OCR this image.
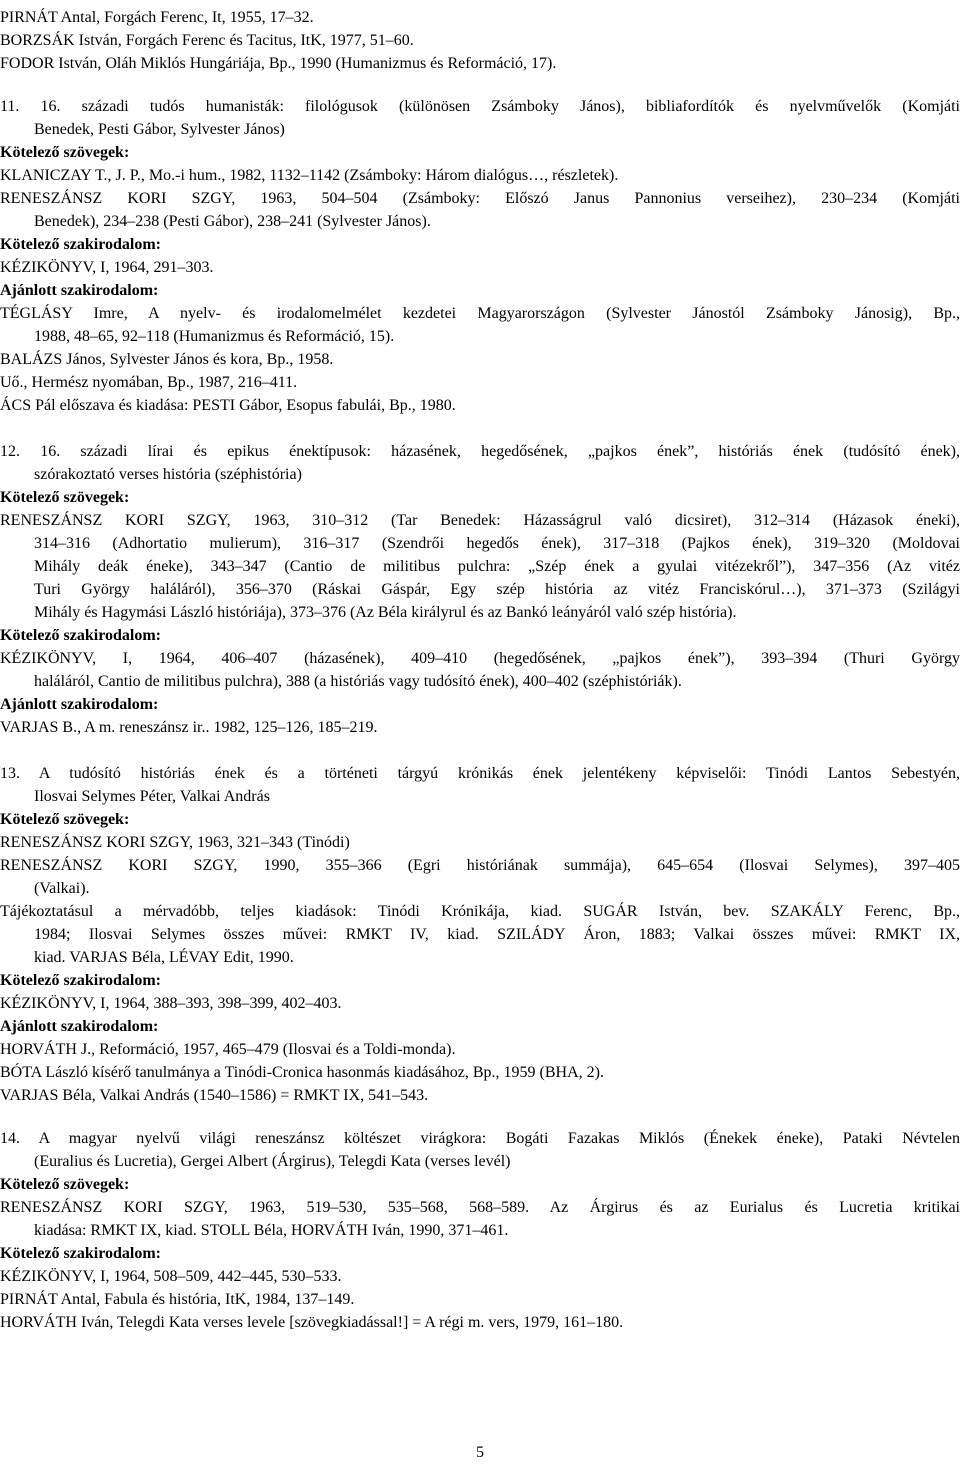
PIRNÁT Antal, Forgách Ferenc, It, 1955, 17–32.
BORZSÁK István, Forgách Ferenc és Tacitus, ItK, 1977, 51–60.
FODOR István, Oláh Miklós Hungáriája, Bp., 1990 (Humanizmus és Reformáció, 17).
11. 16. századi tudós humanisták: filológusok (különösen Zsámboky János), bibliafordítók és nyelvművelők (Komjáti
Benedek, Pesti Gábor, Sylvester János)
Kötelező szövegek:
KLANICZAY T., J. P., Mo.-i hum., 1982, 1132–1142 (Zsámboky: Három dialógus…, részletek).
RENESZÁNSZ KORI SZGY, 1963, 504–504 (Zsámboky: Előszó Janus Pannonius verseihez), 230–234 (Komjáti
Benedek), 234–238 (Pesti Gábor), 238–241 (Sylvester János).
Kötelező szakirodalom:
KÉZIKÖNYV, I, 1964, 291–303.
Ajánlott szakirodalom:
TÉGLÁSY Imre, A nyelv- és irodalomelmélet kezdetei Magyarországon (Sylvester Jánostól Zsámboky Jánosig), Bp.,
1988, 48–65, 92–118 (Humanizmus és Reformáció, 15).
BALÁZS János, Sylvester János és kora, Bp., 1958.
Uő., Hermész nyomában, Bp., 1987, 216–411.
ÁCS Pál előszava és kiadása: PESTI Gábor, Esopus fabulái, Bp., 1980.
12. 16. századi lírai és epikus énektípusok: házasének, hegedősének, „pajkos ének”, históriás ének (tudósító ének),
szórakoztató verses história (széphistória)
Kötelező szövegek:
RENESZÁNSZ KORI SZGY, 1963, 310–312 (Tar Benedek: Házasságrul való dicsiret), 312–314 (Házasok éneki),
314–316 (Adhortatio mulierum), 316–317 (Szendrői hegedős ének), 317–318 (Pajkos ének), 319–320 (Moldovai
Mihály deák éneke), 343–347 (Cantio de militibus pulchra: „Szép ének a gyulai vitézekről”), 347–356 (Az vitéz
Turi György haláláról), 356–370 (Ráskai Gáspár, Egy szép história az vitéz Franciskórul…), 371–373 (Szilágyi
Mihály és Hagymási László históriája), 373–376 (Az Béla királyrul és az Bankó leányáról való szép história).
Kötelező szakirodalom:
KÉZIKÖNYV, I, 1964, 406–407 (házasének), 409–410 (hegedősének, „pajkos ének”), 393–394 (Thuri György
haláláról, Cantio de militibus pulchra), 388 (a históriás vagy tudósító ének), 400–402 (széphistóriák).
Ajánlott szakirodalom:
VARJAS B., A m. reneszánsz ir.. 1982, 125–126, 185–219.
13. A tudósító históriás ének és a történeti tárgyú krónikás ének jelentékeny képviselői: Tinódi Lantos Sebestyén,
Ilosvai Selymes Péter, Valkai András
Kötelező szövegek:
RENESZÁNSZ KORI SZGY, 1963, 321–343 (Tinódi)
RENESZÁNSZ KORI SZGY, 1990, 355–366 (Egri históriának summája), 645–654 (Ilosvai Selymes), 397–405
(Valkai).
Tájékoztatásul a mérvadóbb, teljes kiadások: Tinódi Krónikája, kiad. SUGÁR István, bev. SZAKÁLY Ferenc, Bp.,
1984; Ilosvai Selymes összes művei: RMKT IV, kiad. SZILÁDY Áron, 1883; Valkai összes művei: RMKT IX,
kiad. VARJAS Béla, LÉVAY Edit, 1990.
Kötelező szakirodalom:
KÉZIKÖNYV, I, 1964, 388–393, 398–399, 402–403.
Ajánlott szakirodalom:
HORVÁTH J., Reformáció, 1957, 465–479 (Ilosvai és a Toldi-monda).
BÓTA László kísérő tanulmánya a Tinódi-Cronica hasonmás kiadásához, Bp., 1959 (BHA, 2).
VARJAS Béla, Valkai András (1540–1586) = RMKT IX, 541–543.
14. A magyar nyelvű világi reneszánsz költészet virágkora: Bogáti Fazakas Miklós (Énekek éneke), Pataki Névtelen
(Euralius és Lucretia), Gergei Albert (Árgirus), Telegdi Kata (verses levél)
Kötelező szövegek:
RENESZÁNSZ KORI SZGY, 1963, 519–530, 535–568, 568–589. Az Árgirus és az Eurialus és Lucretia kritikai
kiadása: RMKT IX, kiad. STOLL Béla, HORVÁTH Iván, 1990, 371–461.
Kötelező szakirodalom:
KÉZIKÖNYV, I, 1964, 508–509, 442–445, 530–533.
PIRNÁT Antal, Fabula és história, ItK, 1984, 137–149.
HORVÁTH Iván, Telegdi Kata verses levele [szövegkiadással!] = A régi m. vers, 1979, 161–180.
5
